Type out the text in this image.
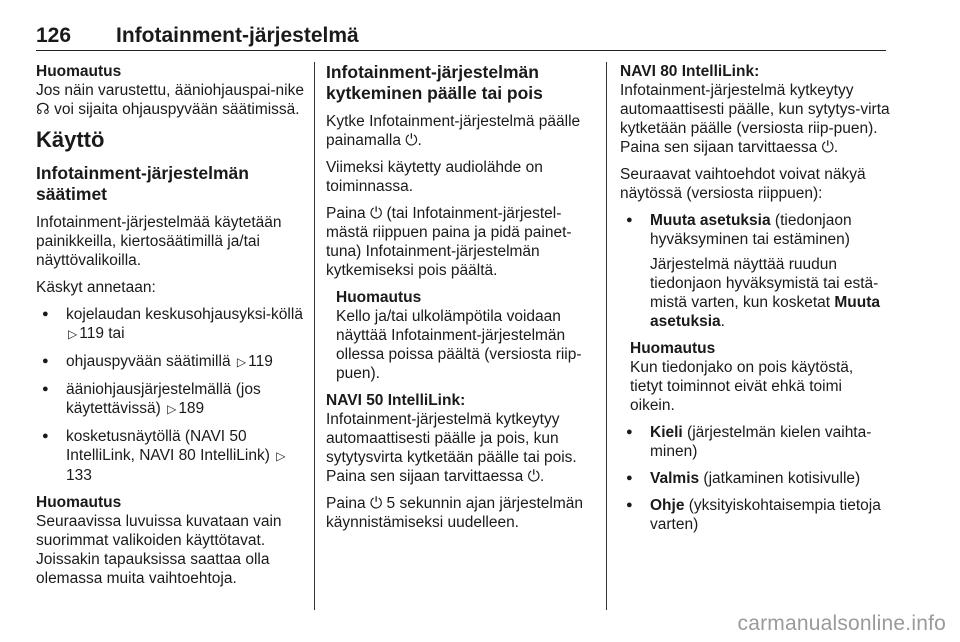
126 Infotainment-järjestelmä
Huomautus
Jos näin varustettu, ääniohjauspai-nike ☊ voi sijaita ohjauspyvään säätimissä.
Käyttö
Infotainment-järjestelmän säätimet

Infotainment-järjestelmää käytetään painikkeilla, kiertosäätimillä ja/tai näyttövalikoilla.

Käskyt annetaan:

● kojelaudan keskusohjausyksi-köllä ▷ 119 tai
● ohjauspyvään säätimillä ▷ 119
● ääniohjausjärjestelmällä (jos käytettävissä) ▷ 189
● kosketusnäytöllä (NAVI 50 IntelliLink, NAVI 80 IntelliLink) ▷133
Huomautus
Seuraavissa luvuissa kuvataan vain suorimmat valikoiden käyttötavat. Joissakin tapauksissa saattaa olla olemassa muita vaihtoehtoja.
Infotainment-järjestelmän kytkeminen päälle tai pois

Kytke Infotainment-järjestelmä päälle painamalla ⏻.

Viimeksi käytetty audiolähde on toiminnassa.

Paina ⏻ (tai Infotainment-järjestel-mästä riippuen paina ja pidä painet-tuna) Infotainment-järjestelmän kytkemiseksi pois päältä.

Huomautus
Kello ja/tai ulkolämpötila voidaan näyttää Infotainment-järjestelmän ollessa poissa päältä (versiosta riip-puen).

NAVI 50 IntelliLink:
Infotainment-järjestelmä kytkeytyy automaattisesti päälle ja pois, kun sytytysvirta kytketään päälle tai pois. Paina sen sijaan tarvittaessa ⏻.

Paina ⏻ 5 sekunnin ajan järjestelmän käynnistämiseksi uudelleen.

NAVI 80 IntelliLink:
Infotainment-järjestelmä kytkeytyy automaattisesti päälle, kun sytytys-virta kytketään päälle (versiosta riip-puen). Paina sen sijaan tarvittaessa ⏻.

Seuraavat vaihtoehdot voivat näkyä näytössä (versiosta riippuen):

● Muuta asetuksia (tiedonjaon hyväksyminen tai estäminen)
Järjestelmä näyttää ruudun tiedonjaon hyväksymistä tai estä-mistä varten, kun kosketat Muuta asetuksia.
Huomautus
Kun tiedonjako on pois käytöstä, tietyt toiminnot eivät ehkä toimi oikein.
● Kieli (järjestelmän kielen vaihta-minen)
● Valmis (jatkaminen kotisivulle)
● Ohje (yksityiskohtaisempia tietoja varten)
carmanualsonline.info
